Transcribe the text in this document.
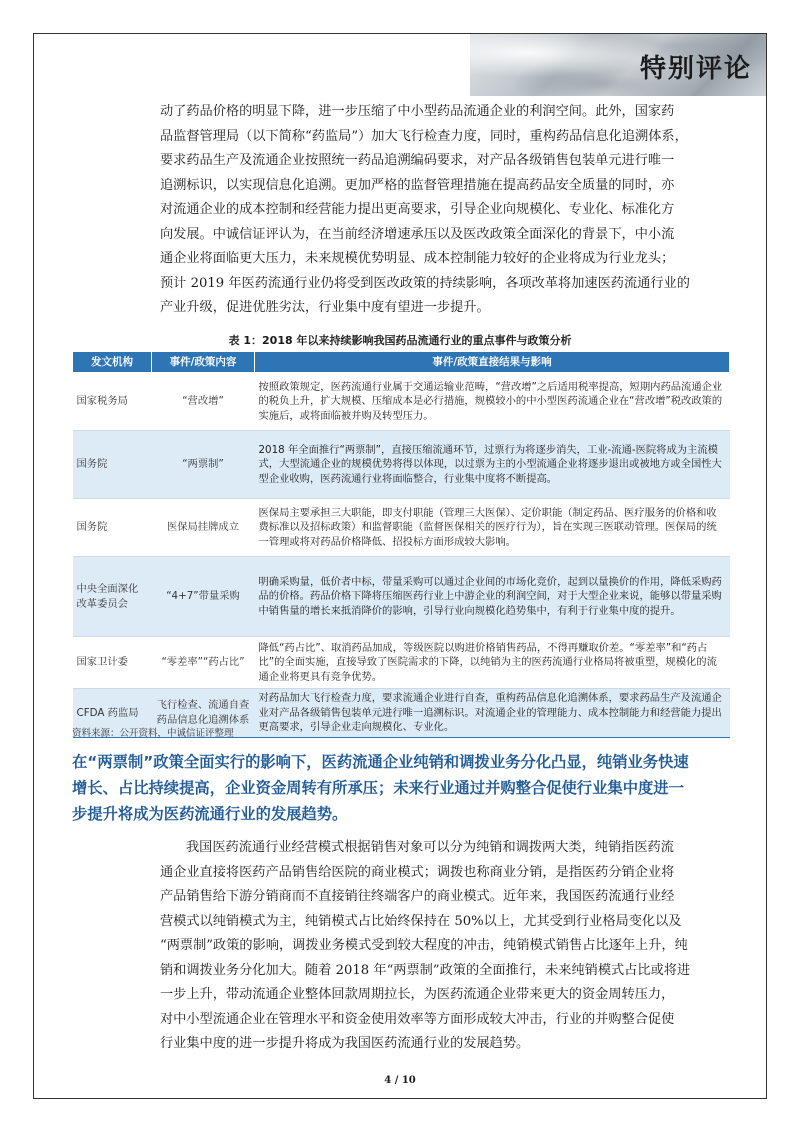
特别评论

动了药品价格的明显下降，进一步压缩了中小型药品流通企业的利润空间。此外，国家药
品监督管理局（以下简称“药监局”）加大飞行检查力度，同时，重构药品信息化追溯体系，
要求药品生产及流通企业按照统一药品追溯编码要求，对产品各级销售包装单元进行唯一
追溯标识，以实现信息化追溯。更加严格的监督管理措施在提高药品安全质量的同时，亦
对流通企业的成本控制和经营能力提出更高要求，引导企业向规模化、专业化、标准化方
向发展。中诚信证评认为，在当前经济增速承压以及医改政策全面深化的背景下，中小流
通企业将面临更大压力，未来规模优势明显、成本控制能力较好的企业将成为行业龙头；
预计 2019 年医药流通行业仍将受到医改政策的持续影响，各项改革将加速医药流通行业的
产业升级，促进优胜劣汰，行业集中度有望进一步提升。

表 1：2018 年以来持续影响我国药品流通行业的重点事件与政策分析
发文机构	事件/政策内容	事件/政策直接结果与影响
国家税务局	“营改增”	按照政策规定，医药流通行业属于交通运输业范畴，“营改增”之后适用税率提高，短期内药品流通企业的税负上升，扩大规模、压缩成本是必行措施，规模较小的中小型医药流通企业在“营改增”税改政策的实施后，或将面临被并购及转型压力。
国务院	“两票制”	2018 年全面推行“两票制”，直接压缩流通环节，过票行为将逐步消失，工业-流通-医院将成为主流模式，大型流通企业的规模优势将得以体现，以过票为主的小型流通企业将逐步退出或被地方或全国性大型企业收购，医药流通行业将面临整合，行业集中度将不断提高。
国务院	医保局挂牌成立	医保局主要承担三大职能，即支付职能（管理三大医保）、定价职能（制定药品、医疗服务的价格和收费标准以及招标政策）和监督职能（监督医保相关的医疗行为），旨在实现三医联动管理。医保局的统一管理或将对药品价格降低、招投标方面形成较大影响。
中央全面深化改革委员会	“4+7”带量采购	明确采购量，低价者中标，带量采购可以通过企业间的市场化竞价，起到以量换价的作用，降低采购药品的价格。药品价格下降将压缩医药行业上中游企业的利润空间，对于大型企业来说，能够以带量采购中销售量的增长来抵消降价的影响，引导行业向规模化趋势集中，有利于行业集中度的提升。
国家卫计委	“零差率”“药占比”	降低“药占比”、取消药品加成，等级医院以购进价格销售药品，不得再赚取价差。“零差率”和“药占比”的全面实施，直接导致了医院需求的下降，以纯销为主的医药流通行业格局将被重塑，规模化的流通企业将更具有竞争优势。
CFDA 药监局	飞行检查、流通自查药品信息化追溯体系	对药品加大飞行检查力度，要求流通企业进行自查，重构药品信息化追溯体系，要求药品生产及流通企业对产品各级销售包装单元进行唯一追溯标识。对流通企业的管理能力、成本控制能力和经营能力提出更高要求，引导企业走向规模化、专业化。
资料来源：公开资料，中诚信证评整理
在“两票制”政策全面实行的影响下，医药流通企业纯销和调拨业务分化凸显，纯销业务快速
增长、占比持续提高，企业资金周转有所承压；未来行业通过并购整合促使行业集中度进一
步提升将成为医药流通行业的发展趋势。

我国医药流通行业经营模式根据销售对象可以分为纯销和调拨两大类，纯销指医药流
通企业直接将医药产品销售给医院的商业模式；调拨也称商业分销，是指医药分销企业将
产品销售给下游分销商而不直接销往终端客户的商业模式。近年来，我国医药流通行业经
营模式以纯销模式为主，纯销模式占比始终保持在 50%以上，尤其受到行业格局变化以及
“两票制”政策的影响，调拨业务模式受到较大程度的冲击，纯销模式销售占比逐年上升，纯
销和调拨业务分化加大。随着 2018 年“两票制”政策的全面推行，未来纯销模式占比或将进
一步上升，带动流通企业整体回款周期拉长，为医药流通企业带来更大的资金周转压力，
对中小型流通企业在管理水平和资金使用效率等方面形成较大冲击，行业的并购整合促使
行业集中度的进一步提升将成为我国医药流通行业的发展趋势。

4 / 10
